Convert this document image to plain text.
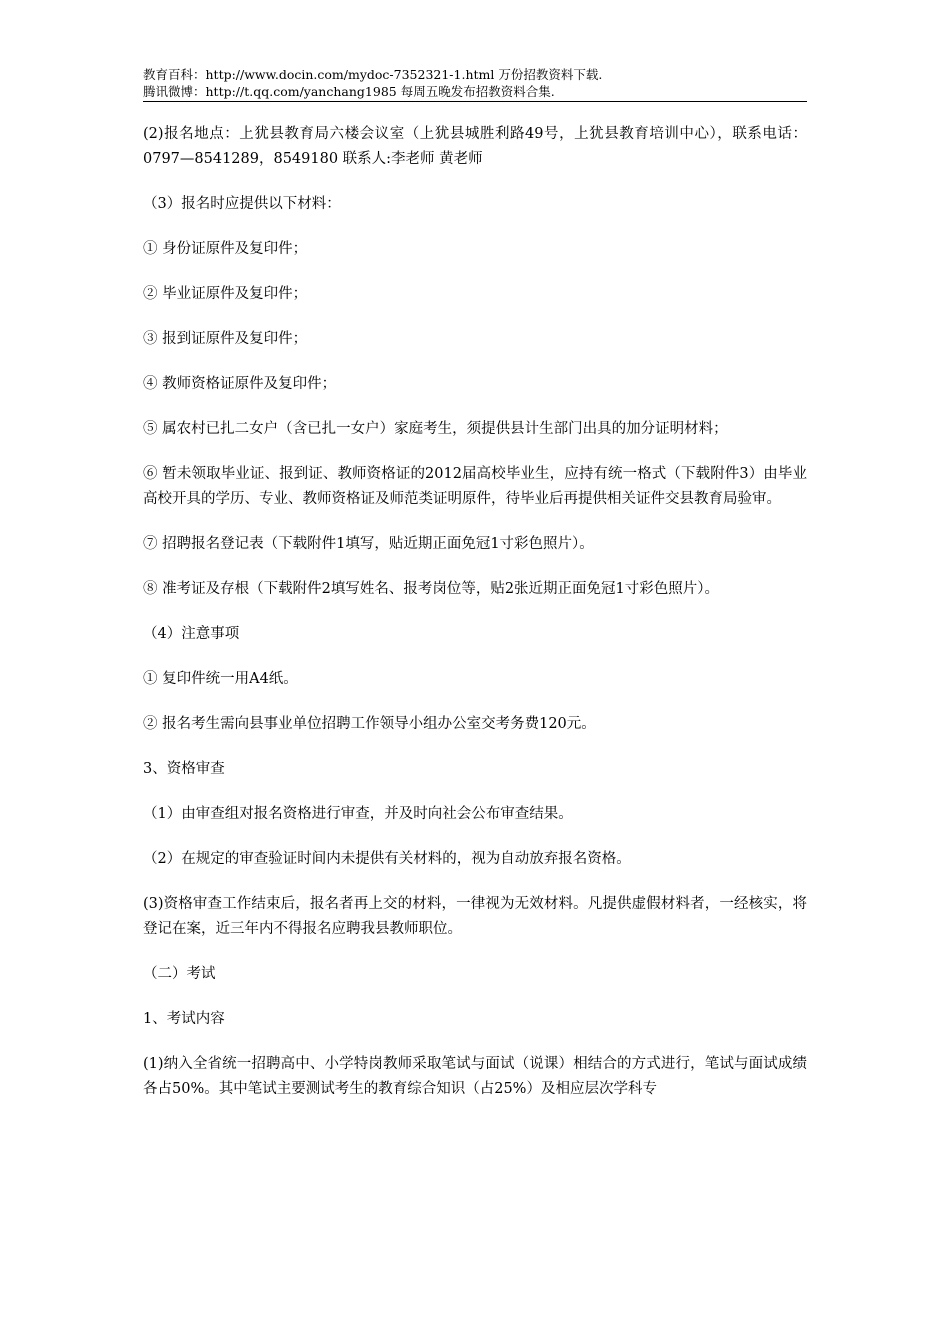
教育百科：http://www.docin.com/mydoc-7352321-1.html 万份招教资料下载.
腾讯微博：http://t.qq.com/yanchang1985 每周五晚发布招教资料合集.

(2)报名地点：上犹县教育局六楼会议室（上犹县城胜利路49号，上犹县教育培训中心），联系电话：0797—8541289，8549180 联系人:李老师 黄老师

（3）报名时应提供以下材料：

① 身份证原件及复印件；

② 毕业证原件及复印件；

③ 报到证原件及复印件；

④ 教师资格证原件及复印件；

⑤ 属农村已扎二女户（含已扎一女户）家庭考生，须提供县计生部门出具的加分证明材料；

⑥ 暂未领取毕业证、报到证、教师资格证的2012届高校毕业生，应持有统一格式（下载附件3）由毕业高校开具的学历、专业、教师资格证及师范类证明原件，待毕业后再提供相关证件交县教育局验审。

⑦ 招聘报名登记表（下载附件1填写，贴近期正面免冠1寸彩色照片）。

⑧ 准考证及存根（下载附件2填写姓名、报考岗位等，贴2张近期正面免冠1寸彩色照片）。

（4）注意事项

① 复印件统一用A4纸。

② 报名考生需向县事业单位招聘工作领导小组办公室交考务费120元。

3、资格审查

（1）由审查组对报名资格进行审查，并及时向社会公布审查结果。

（2）在规定的审查验证时间内未提供有关材料的，视为自动放弃报名资格。

(3)资格审查工作结束后，报名者再上交的材料，一律视为无效材料。凡提供虚假材料者，一经核实，将登记在案，近三年内不得报名应聘我县教师职位。

（二）考试

1、考试内容

(1)纳入全省统一招聘高中、小学特岗教师采取笔试与面试（说课）相结合的方式进行，笔试与面试成绩各占50%。其中笔试主要测试考生的教育综合知识（占25%）及相应层次学科专
